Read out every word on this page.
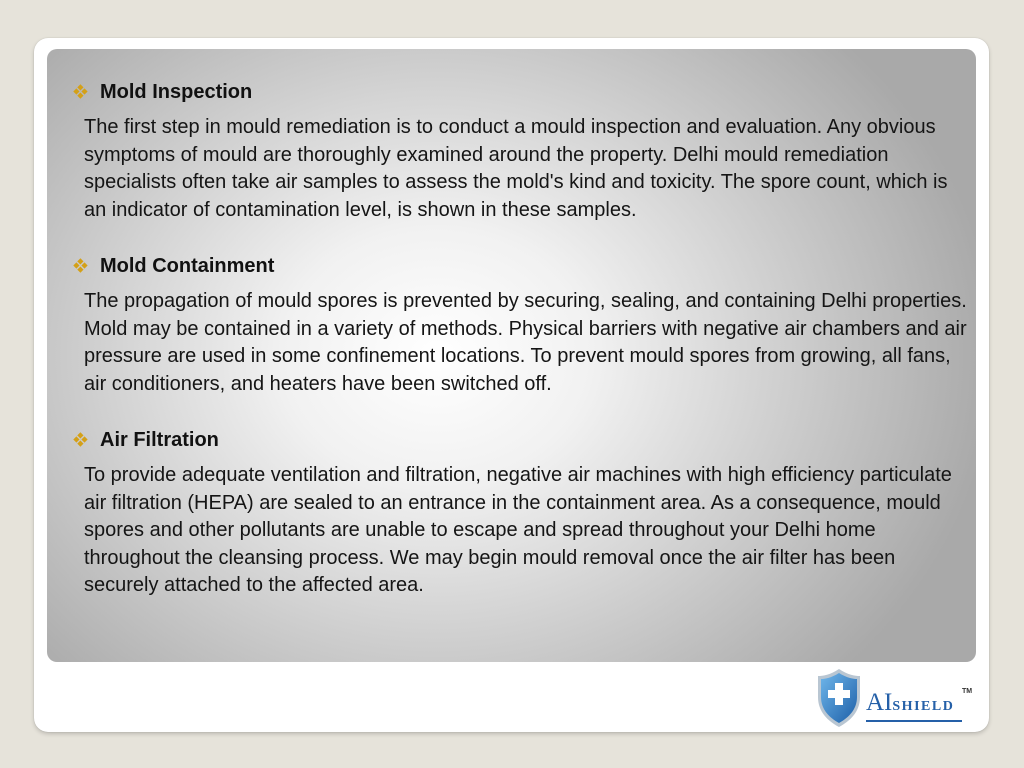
Mold Inspection

The first step in mould remediation is to conduct a mould inspection and evaluation. Any obvious symptoms of mould are thoroughly examined around the property. Delhi mould remediation specialists often take air samples to assess the mold's kind and toxicity. The spore count, which is an indicator of contamination level, is shown in these samples.

Mold Containment

The propagation of mould spores is prevented by securing, sealing, and containing Delhi properties. Mold may be contained in a variety of methods. Physical barriers with negative air chambers and air pressure are used in some confinement locations. To prevent mould spores from growing, all fans, air conditioners, and heaters have been switched off.

Air Filtration

To provide adequate ventilation and filtration, negative air machines with high efficiency particulate air filtration (HEPA) are sealed to an entrance in the containment area. As a consequence, mould spores and other pollutants are unable to escape and spread throughout your Delhi home throughout the cleansing process. We may begin mould removal once the air filter has been securely attached to the affected area.

AISHIELD
TM
